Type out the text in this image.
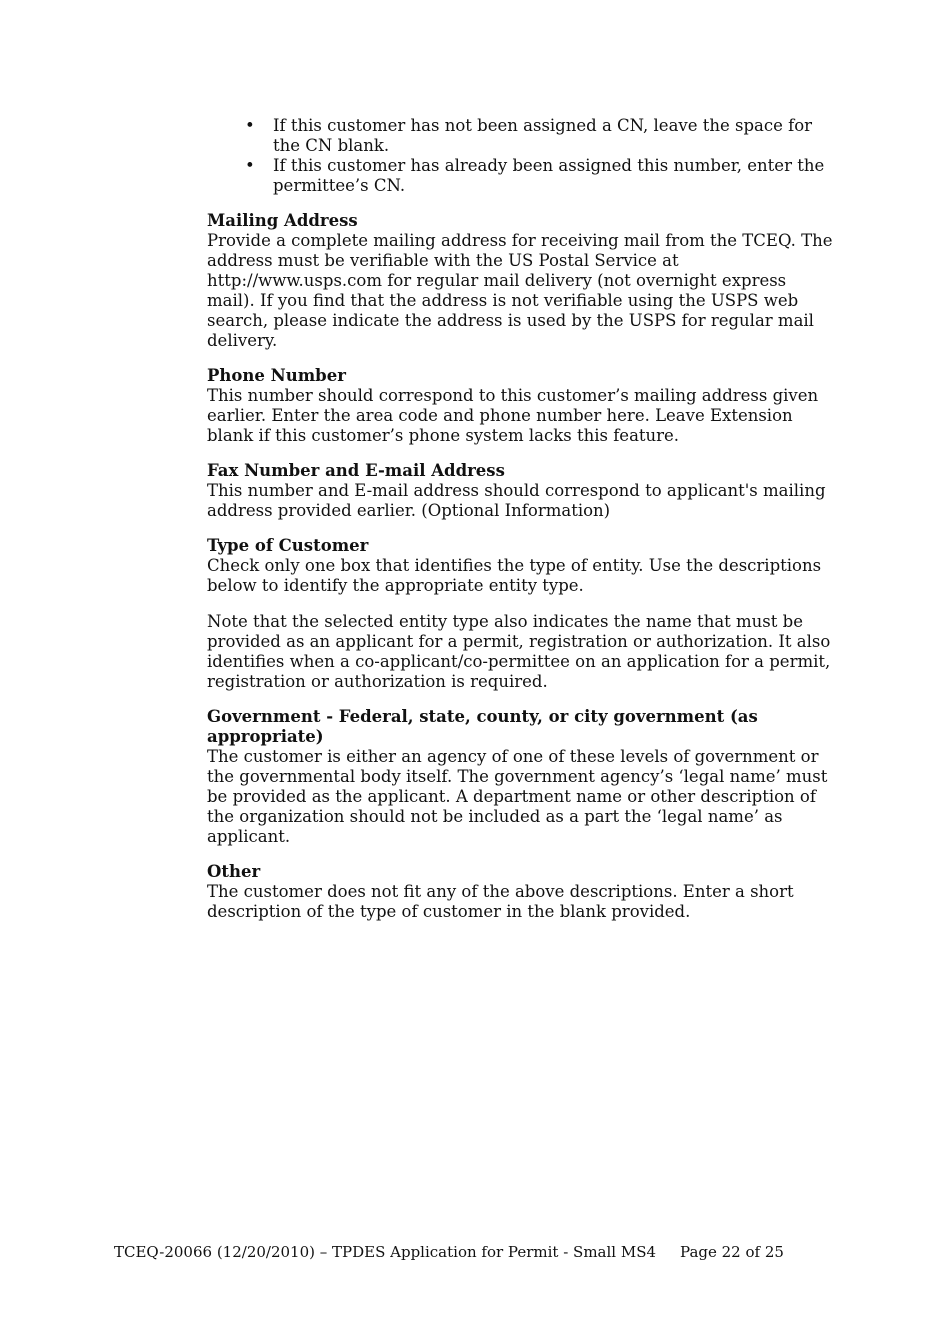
• If this customer has not been assigned a CN, leave the space for the CN blank.
• If this customer has already been assigned this number, enter the permittee’s CN.
Mailing Address

Provide a complete mailing address for receiving mail from the TCEQ. The address must be verifiable with the US Postal Service at http://www.usps.com for regular mail delivery (not overnight express mail). If you find that the address is not verifiable using the USPS web search, please indicate the address is used by the USPS for regular mail delivery.

Phone Number

This number should correspond to this customer’s mailing address given earlier. Enter the area code and phone number here. Leave Extension blank if this customer’s phone system lacks this feature.

Fax Number and E-mail Address

This number and E-mail address should correspond to applicant's mailing address provided earlier. (Optional Information)

Type of Customer

Check only one box that identifies the type of entity. Use the descriptions below to identify the appropriate entity type.

Note that the selected entity type also indicates the name that must be provided as an applicant for a permit, registration or authorization. It also identifies when a co-applicant/co-permittee on an application for a permit, registration or authorization is required.

Government - Federal, state, county, or city government (as appropriate)

The customer is either an agency of one of these levels of government or the governmental body itself. The government agency’s ‘legal name’ must be provided as the applicant. A department name or other description of the organization should not be included as a part the ‘legal name’ as applicant.

Other

The customer does not fit any of the above descriptions. Enter a short description of the type of customer in the blank provided.

TCEQ-20066 (12/20/2010) – TPDES Application for Permit - Small MS4 Page 22 of 25
